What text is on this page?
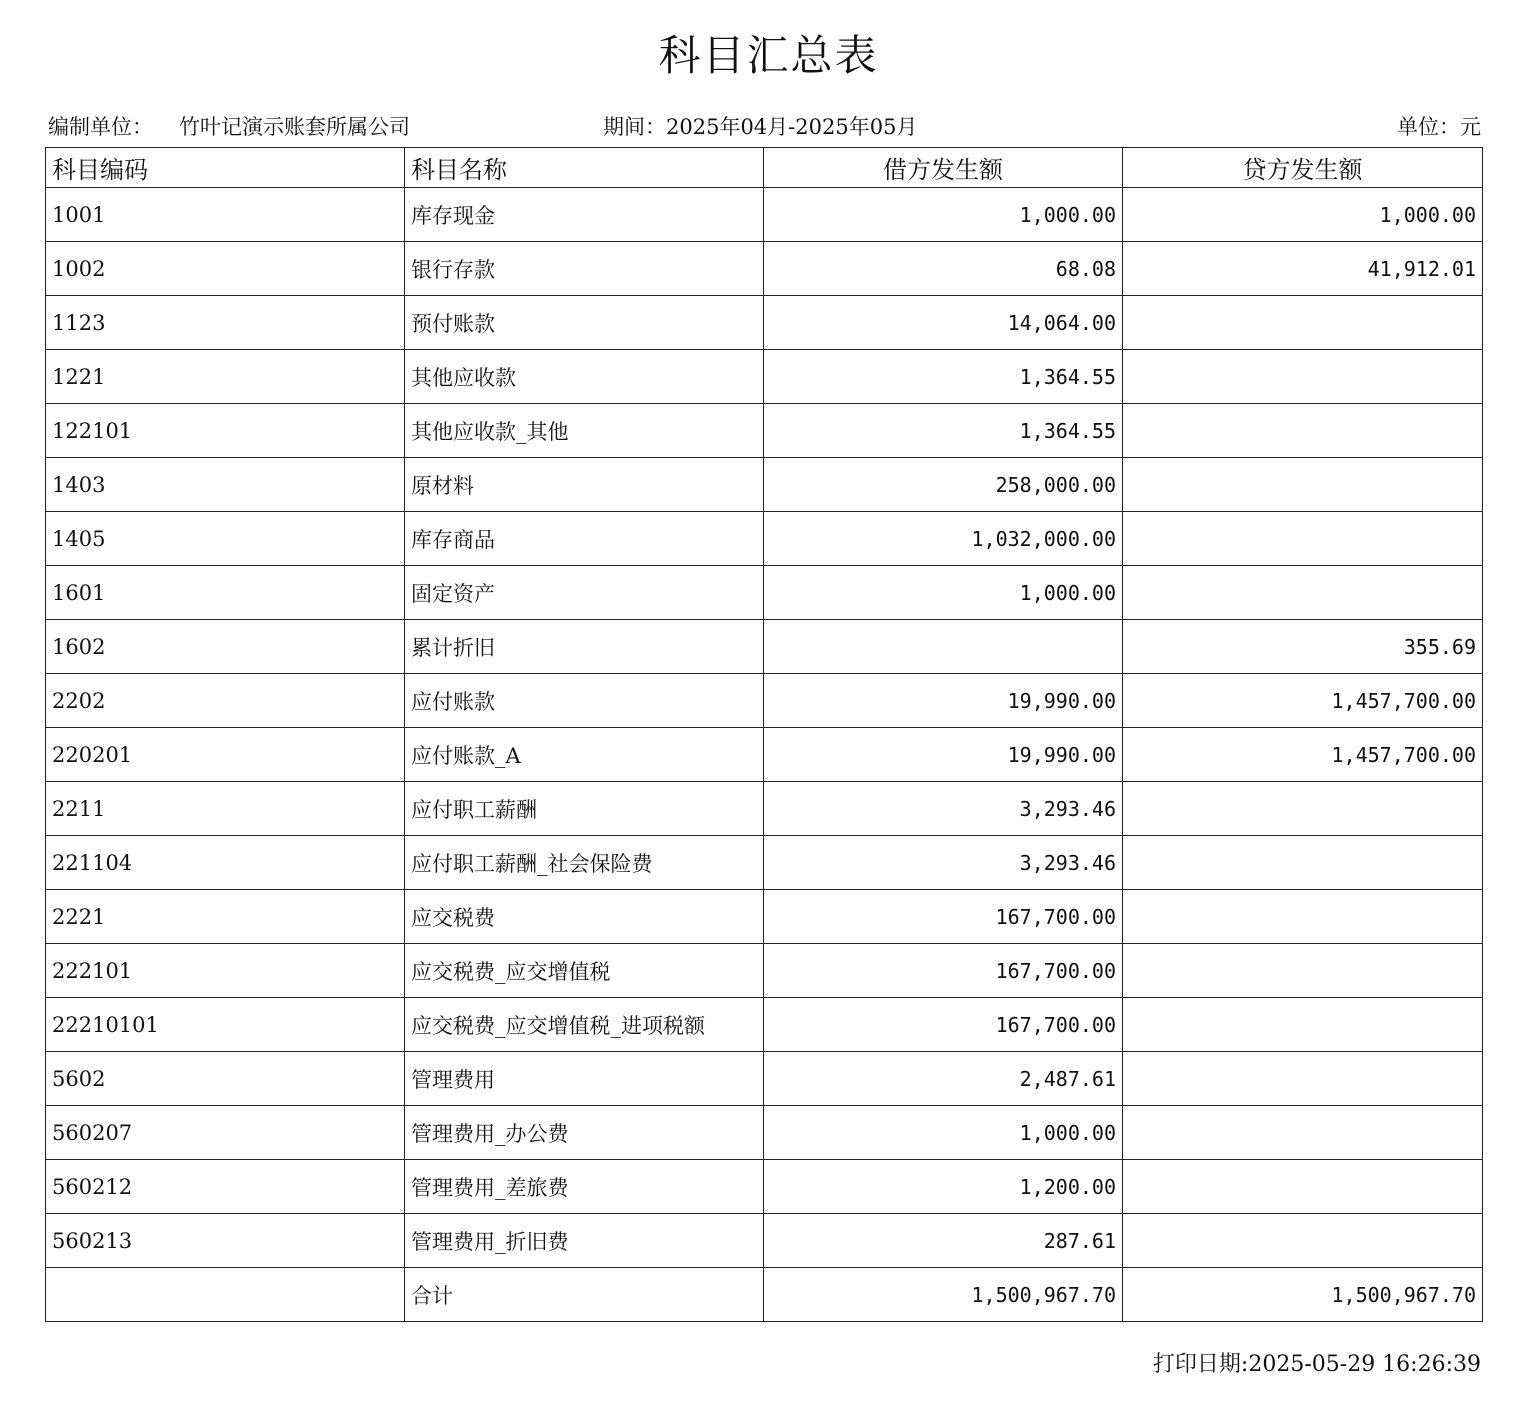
科目汇总表
编制单位： 竹叶记演示账套所属公司	期间：2025年04月-2025年05月	单位：元
科目编码	科目名称	借方发生额	贷方发生额
1001	库存现金	1,000.00	1,000.00
1002	银行存款	68.08	41,912.01
1123	预付账款	14,064.00	
1221	其他应收款	1,364.55	
122101	其他应收款_其他	1,364.55	
1403	原材料	258,000.00	
1405	库存商品	1,032,000.00	
1601	固定资产	1,000.00	
1602	累计折旧		355.69
2202	应付账款	19,990.00	1,457,700.00
220201	应付账款_A	19,990.00	1,457,700.00
2211	应付职工薪酬	3,293.46	
221104	应付职工薪酬_社会保险费	3,293.46	
2221	应交税费	167,700.00	
222101	应交税费_应交增值税	167,700.00	
22210101	应交税费_应交增值税_进项税额	167,700.00	
5602	管理费用	2,487.61	
560207	管理费用_办公费	1,000.00	
560212	管理费用_差旅费	1,200.00	
560213	管理费用_折旧费	287.61	
	合计	1,500,967.70	1,500,967.70
打印日期:2025-05-29 16:26:39
